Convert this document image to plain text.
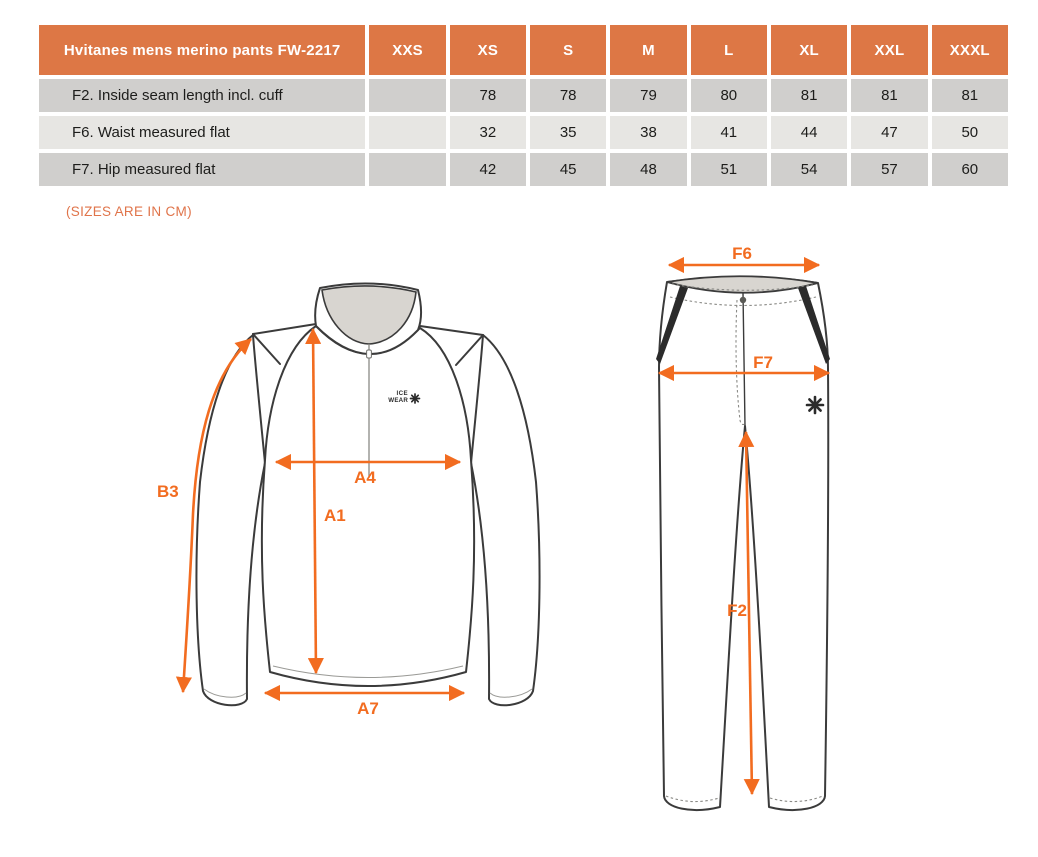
Hvitanes mens merino pants FW-2217	XXS	XS	S	M	L	XL	XXL	XXXL
F2. Inside seam length incl. cuff		78	78	79	80	81	81	81
F6. Waist measured flat		32	35	38	41	44	47	50
F7. Hip measured flat		42	45	48	51	54	57	60
(SIZES ARE IN CM)
ICE
WEAR
B3
A4
A1
A7
F6
F7
F2
